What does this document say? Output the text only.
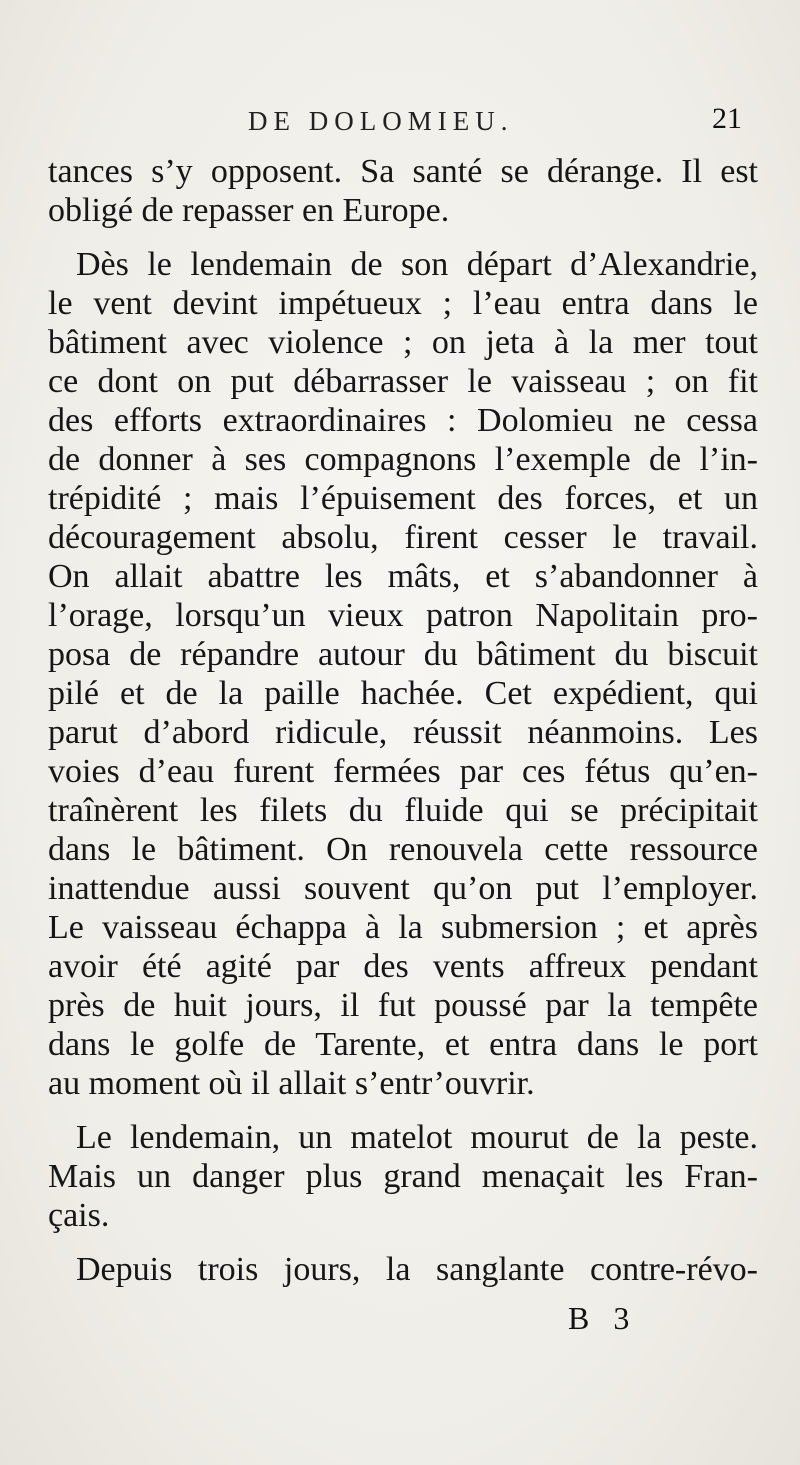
DE DOLOMIEU.	21
tances s’y opposent. Sa santé se dérange. Il est
obligé de repasser en Europe.
Dès le lendemain de son départ d’Alexandrie,
le vent devint impétueux ; l’eau entra dans le
bâtiment avec violence ; on jeta à la mer tout
ce dont on put débarrasser le vaisseau ; on fit
des efforts extraordinaires : Dolomieu ne cessa
de donner à ses compagnons l’exemple de l’in-
trépidité ; mais l’épuisement des forces, et un
découragement absolu, firent cesser le travail.
On allait abattre les mâts, et s’abandonner à
l’orage, lorsqu’un vieux patron Napolitain pro-
posa de répandre autour du bâtiment du biscuit
pilé et de la paille hachée. Cet expédient, qui
parut d’abord ridicule, réussit néanmoins. Les
voies d’eau furent fermées par ces fétus qu’en-
traînèrent les filets du fluide qui se précipitait
dans le bâtiment. On renouvela cette ressource
inattendue aussi souvent qu’on put l’employer.
Le vaisseau échappa à la submersion ; et après
avoir été agité par des vents affreux pendant
près de huit jours, il fut poussé par la tempête
dans le golfe de Tarente, et entra dans le port
au moment où il allait s’entr’ouvrir.
Le lendemain, un matelot mourut de la peste.
Mais un danger plus grand menaçait les Fran-
çais.
Depuis trois jours, la sanglante contre-révo-
B 3
